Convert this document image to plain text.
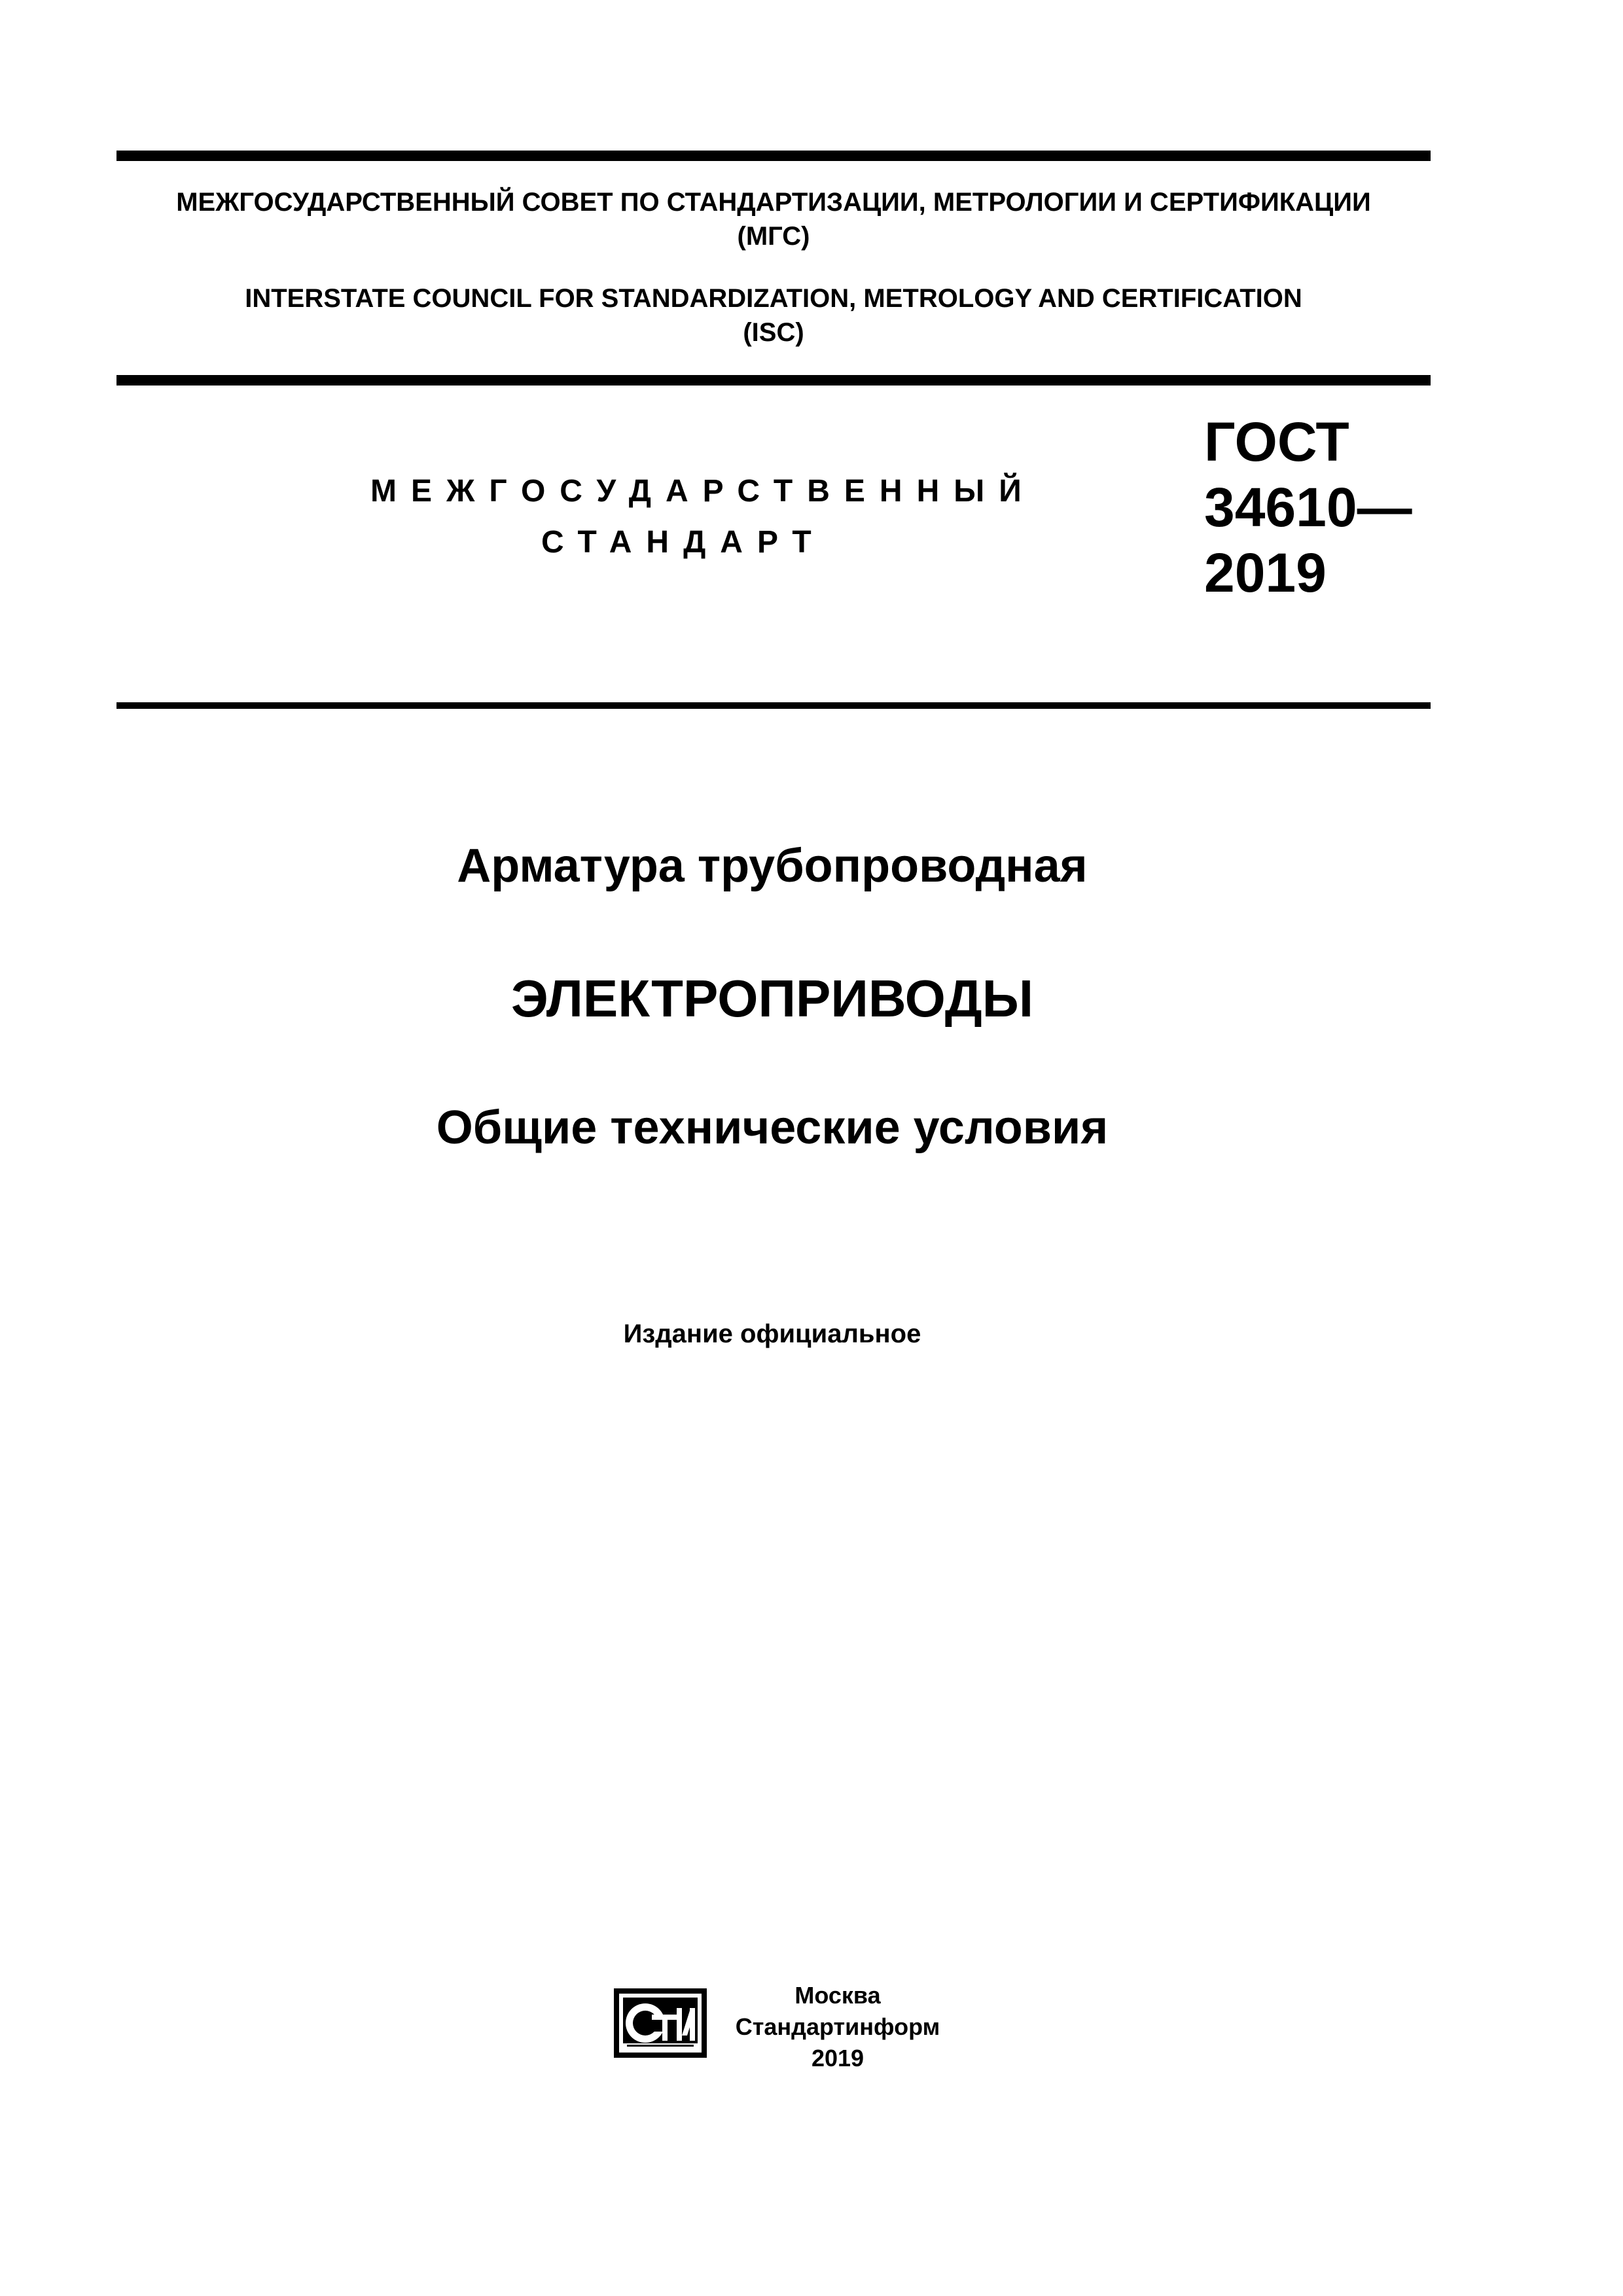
МЕЖГОСУДАРСТВЕННЫЙ СОВЕТ ПО СТАНДАРТИЗАЦИИ, МЕТРОЛОГИИ И СЕРТИФИКАЦИИ
(МГС)
INTERSTATE COUNCIL FOR STANDARDIZATION, METROLOGY AND CERTIFICATION
(ISC)
МЕЖГОСУДАРСТВЕННЫЙ
СТАНДАРТ
ГОСТ
34610—
2019
Арматура трубопроводная
ЭЛЕКТРОПРИВОДЫ
Общие технические условия
Издание официальное
Москва
Стандартинформ
2019
